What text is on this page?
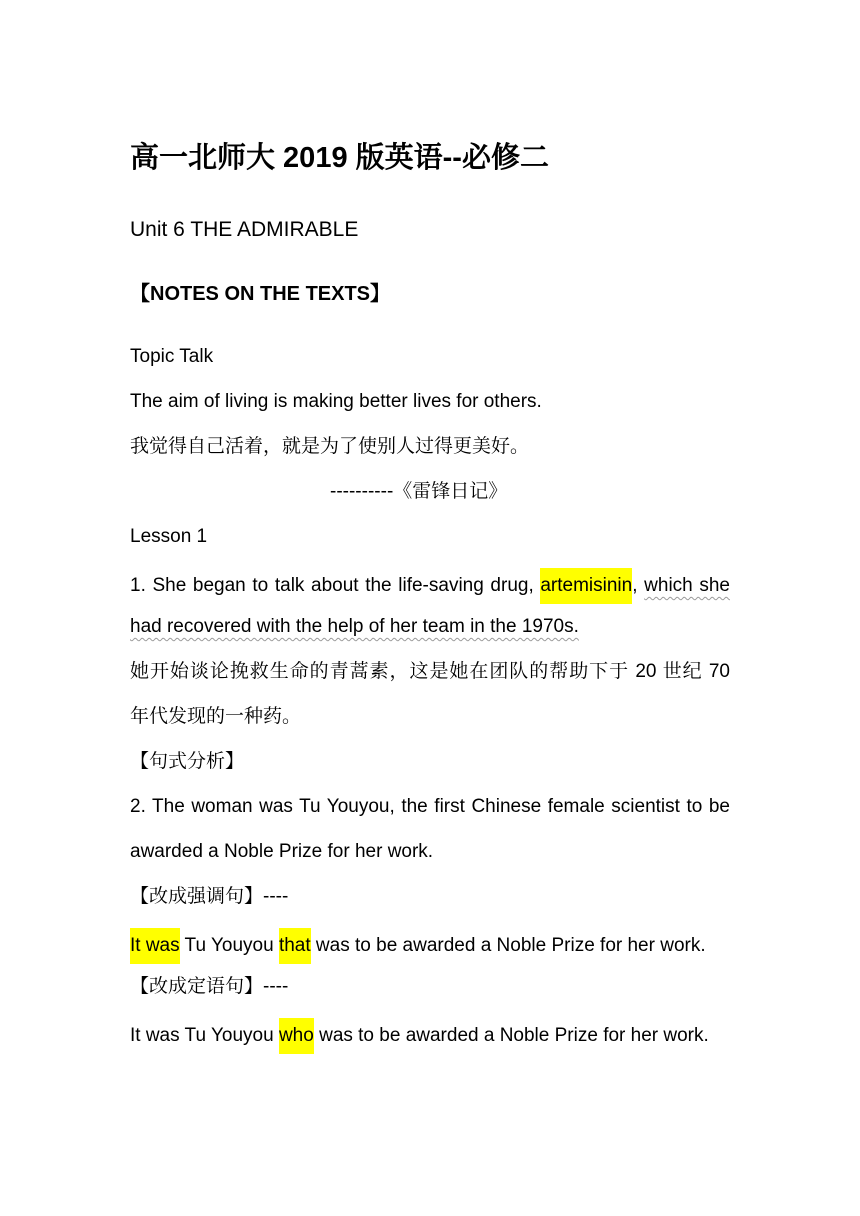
高一北师大 2019 版英语--必修二
Unit 6 THE ADMIRABLE
【NOTES ON THE TEXTS】
Topic Talk
The aim of living is making better lives for others.
我觉得自己活着，就是为了使别人过得更美好。
----------《雷锋日记》
Lesson 1
1. She began to talk about the life-saving drug, artemisinin, which she
had recovered with the help of her team in the 1970s.
她开始谈论挽救生命的青蒿素，这是她在团队的帮助下于 20 世纪 70
年代发现的一种药。
【句式分析】
2. The woman was Tu Youyou, the first Chinese female scientist to be
awarded a Noble Prize for her work.
【改成强调句】----
It was Tu Youyou that was to be awarded a Noble Prize for her work.
【改成定语句】----
It was Tu Youyou who was to be awarded a Noble Prize for her work.
